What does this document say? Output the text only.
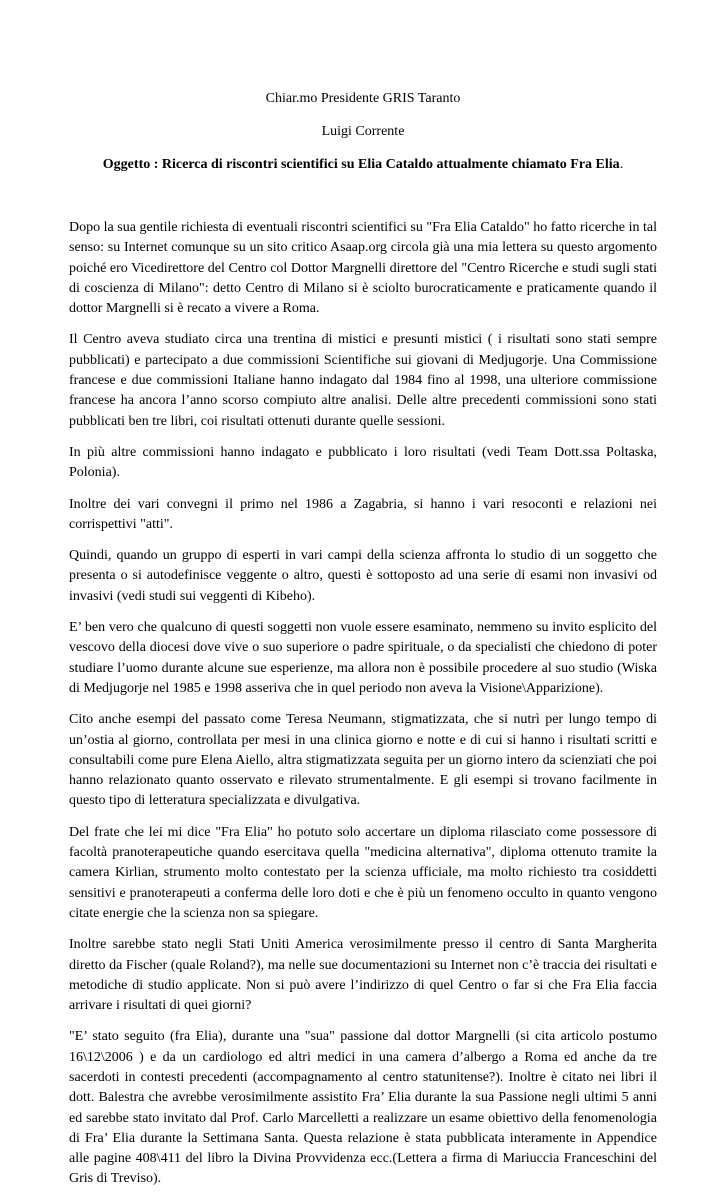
Chiar.mo Presidente GRIS Taranto

Luigi Corrente

Oggetto : Ricerca di riscontri scientifici su Elia Cataldo attualmente chiamato Fra Elia.

Dopo la sua gentile richiesta di eventuali riscontri scientifici su "Fra Elia Cataldo" ho fatto ricerche in tal senso: su Internet comunque su un sito critico Asaap.org circola già una mia lettera su questo argomento poiché ero Vicedirettore del Centro col Dottor Margnelli direttore del "Centro Ricerche e studi sugli stati di coscienza di Milano": detto Centro di Milano si è sciolto burocraticamente e praticamente quando il dottor Margnelli si è recato a vivere a Roma.

Il Centro aveva studiato circa una trentina di mistici e presunti mistici ( i risultati sono stati sempre pubblicati) e partecipato a due commissioni Scientifiche sui giovani di Medjugorje. Una Commissione francese e due commissioni Italiane hanno indagato dal 1984 fino al 1998, una ulteriore commissione francese ha ancora l’anno scorso compiuto altre analisi. Delle altre precedenti commissioni sono stati pubblicati ben tre libri, coi risultati ottenuti durante quelle sessioni.

In più altre commissioni hanno indagato e pubblicato i loro risultati (vedi Team Dott.ssa Poltaska, Polonia).

Inoltre dei vari convegni il primo nel 1986 a Zagabria, si hanno i vari resoconti e relazioni nei corrispettivi "atti".

Quindi, quando un gruppo di esperti in vari campi della scienza affronta lo studio di un soggetto che presenta o si autodefinisce veggente o altro, questi è sottoposto ad una serie di esami non invasivi od invasivi (vedi studi sui veggenti di Kibeho).

E’ ben vero che qualcuno di questi soggetti non vuole essere esaminato, nemmeno su invito esplicito del vescovo della diocesi dove vive o suo superiore o padre spirituale, o da specialisti che chiedono di poter studiare l’uomo durante alcune sue esperienze, ma allora non è possibile procedere al suo studio (Wiska di Medjugorje nel 1985 e 1998 asseriva che in quel periodo non aveva la Visione\Apparizione).

Cito anche esempi del passato come Teresa Neumann, stigmatizzata, che si nutrì per lungo tempo di un’ostia al giorno, controllata per mesi in una clinica giorno e notte e di cui si hanno i risultati scritti e consultabili come pure Elena Aiello, altra stigmatizzata seguita per un giorno intero da scienziati che poi hanno relazionato quanto osservato e rilevato strumentalmente. E gli esempi si trovano facilmente in questo tipo di letteratura specializzata e divulgativa.

Del frate che lei mi dice "Fra Elia" ho potuto solo accertare un diploma rilasciato come possessore di facoltà pranoterapeutiche quando esercitava quella "medicina alternativa", diploma ottenuto tramite la camera Kirlian, strumento molto contestato per la scienza ufficiale, ma molto richiesto tra cosiddetti sensitivi e pranoterapeuti a conferma delle loro doti e che è più un fenomeno occulto in quanto vengono citate energie che la scienza non sa spiegare.

Inoltre sarebbe stato negli Stati Uniti America verosimilmente presso il centro di Santa Margherita diretto da Fischer (quale Roland?), ma nelle sue documentazioni su Internet non c’è traccia dei risultati e metodiche di studio applicate. Non si può avere l’indirizzo di quel Centro o far si che Fra Elia faccia arrivare i risultati di quei giorni?

"E’ stato seguito (fra Elia), durante una "sua" passione dal dottor Margnelli (si cita articolo postumo 16\12\2006 ) e da un cardiologo ed altri medici in una camera d’albergo a Roma ed anche da tre sacerdoti in contesti precedenti (accompagnamento al centro statunitense?). Inoltre è citato nei libri il dott. Balestra che avrebbe verosimilmente assistito Fra’ Elia durante la sua Passione negli ultimi 5 anni ed sarebbe stato invitato dal Prof. Carlo Marcelletti a realizzare un esame obiettivo della fenomenologia di Fra’ Elia durante la Settimana Santa. Questa relazione è stata pubblicata interamente in Appendice alle pagine 408\411 del libro la Divina Provvidenza ecc.(Lettera a firma di Mariuccia Franceschini del Gris di Treviso).
